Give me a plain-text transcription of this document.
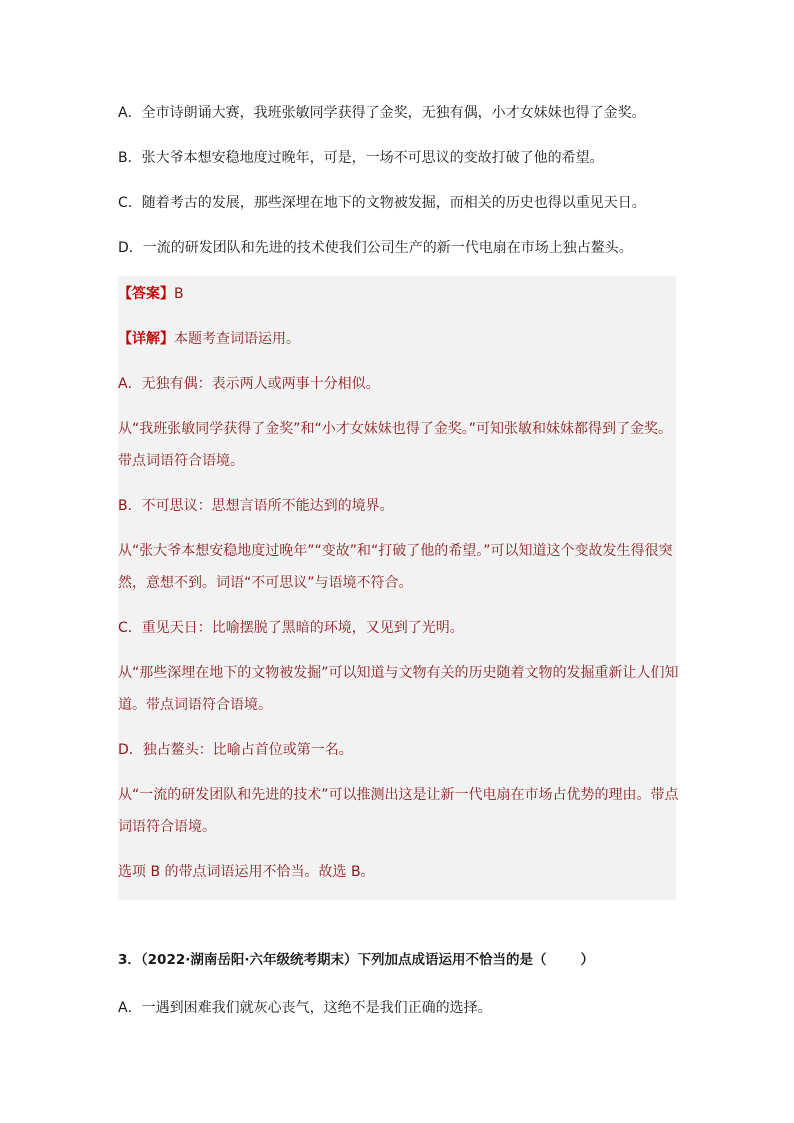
A．全市诗朗诵大赛，我班张敏同学获得了金奖，无独有偶，小才女妹妹也得了金奖。
B．张大爷本想安稳地度过晚年，可是，一场不可思议的变故打破了他的希望。
C．随着考古的发展，那些深埋在地下的文物被发掘，而相关的历史也得以重见天日。
D．一流的研发团队和先进的技术使我们公司生产的新一代电扇在市场上独占鳌头。
【答案】B
【详解】本题考查词语运用。
A．无独有偶：表示两人或两事十分相似。
从“我班张敏同学获得了金奖”和“小才女妹妹也得了金奖。”可知张敏和妹妹都得到了金奖。
带点词语符合语境。
B．不可思议：思想言语所不能达到的境界。
从“张大爷本想安稳地度过晚年”“变故”和“打破了他的希望。”可以知道这个变故发生得很突
然，意想不到。词语“不可思议”与语境不符合。
C．重见天日：比喻摆脱了黑暗的环境，又见到了光明。
从“那些深埋在地下的文物被发掘”可以知道与文物有关的历史随着文物的发掘重新让人们知
道。带点词语符合语境。
D．独占鳌头：比喻占首位或第一名。
从“一流的研发团队和先进的技术”可以推测出这是让新一代电扇在市场占优势的理由。带点
词语符合语境。
选项 B 的带点词语运用不恰当。故选 B。
3．（2022·湖南岳阳·六年级统考期末）下列加点成语运用不恰当的是（	）
A．一遇到困难我们就灰心丧气，这绝不是我们正确的选择。
